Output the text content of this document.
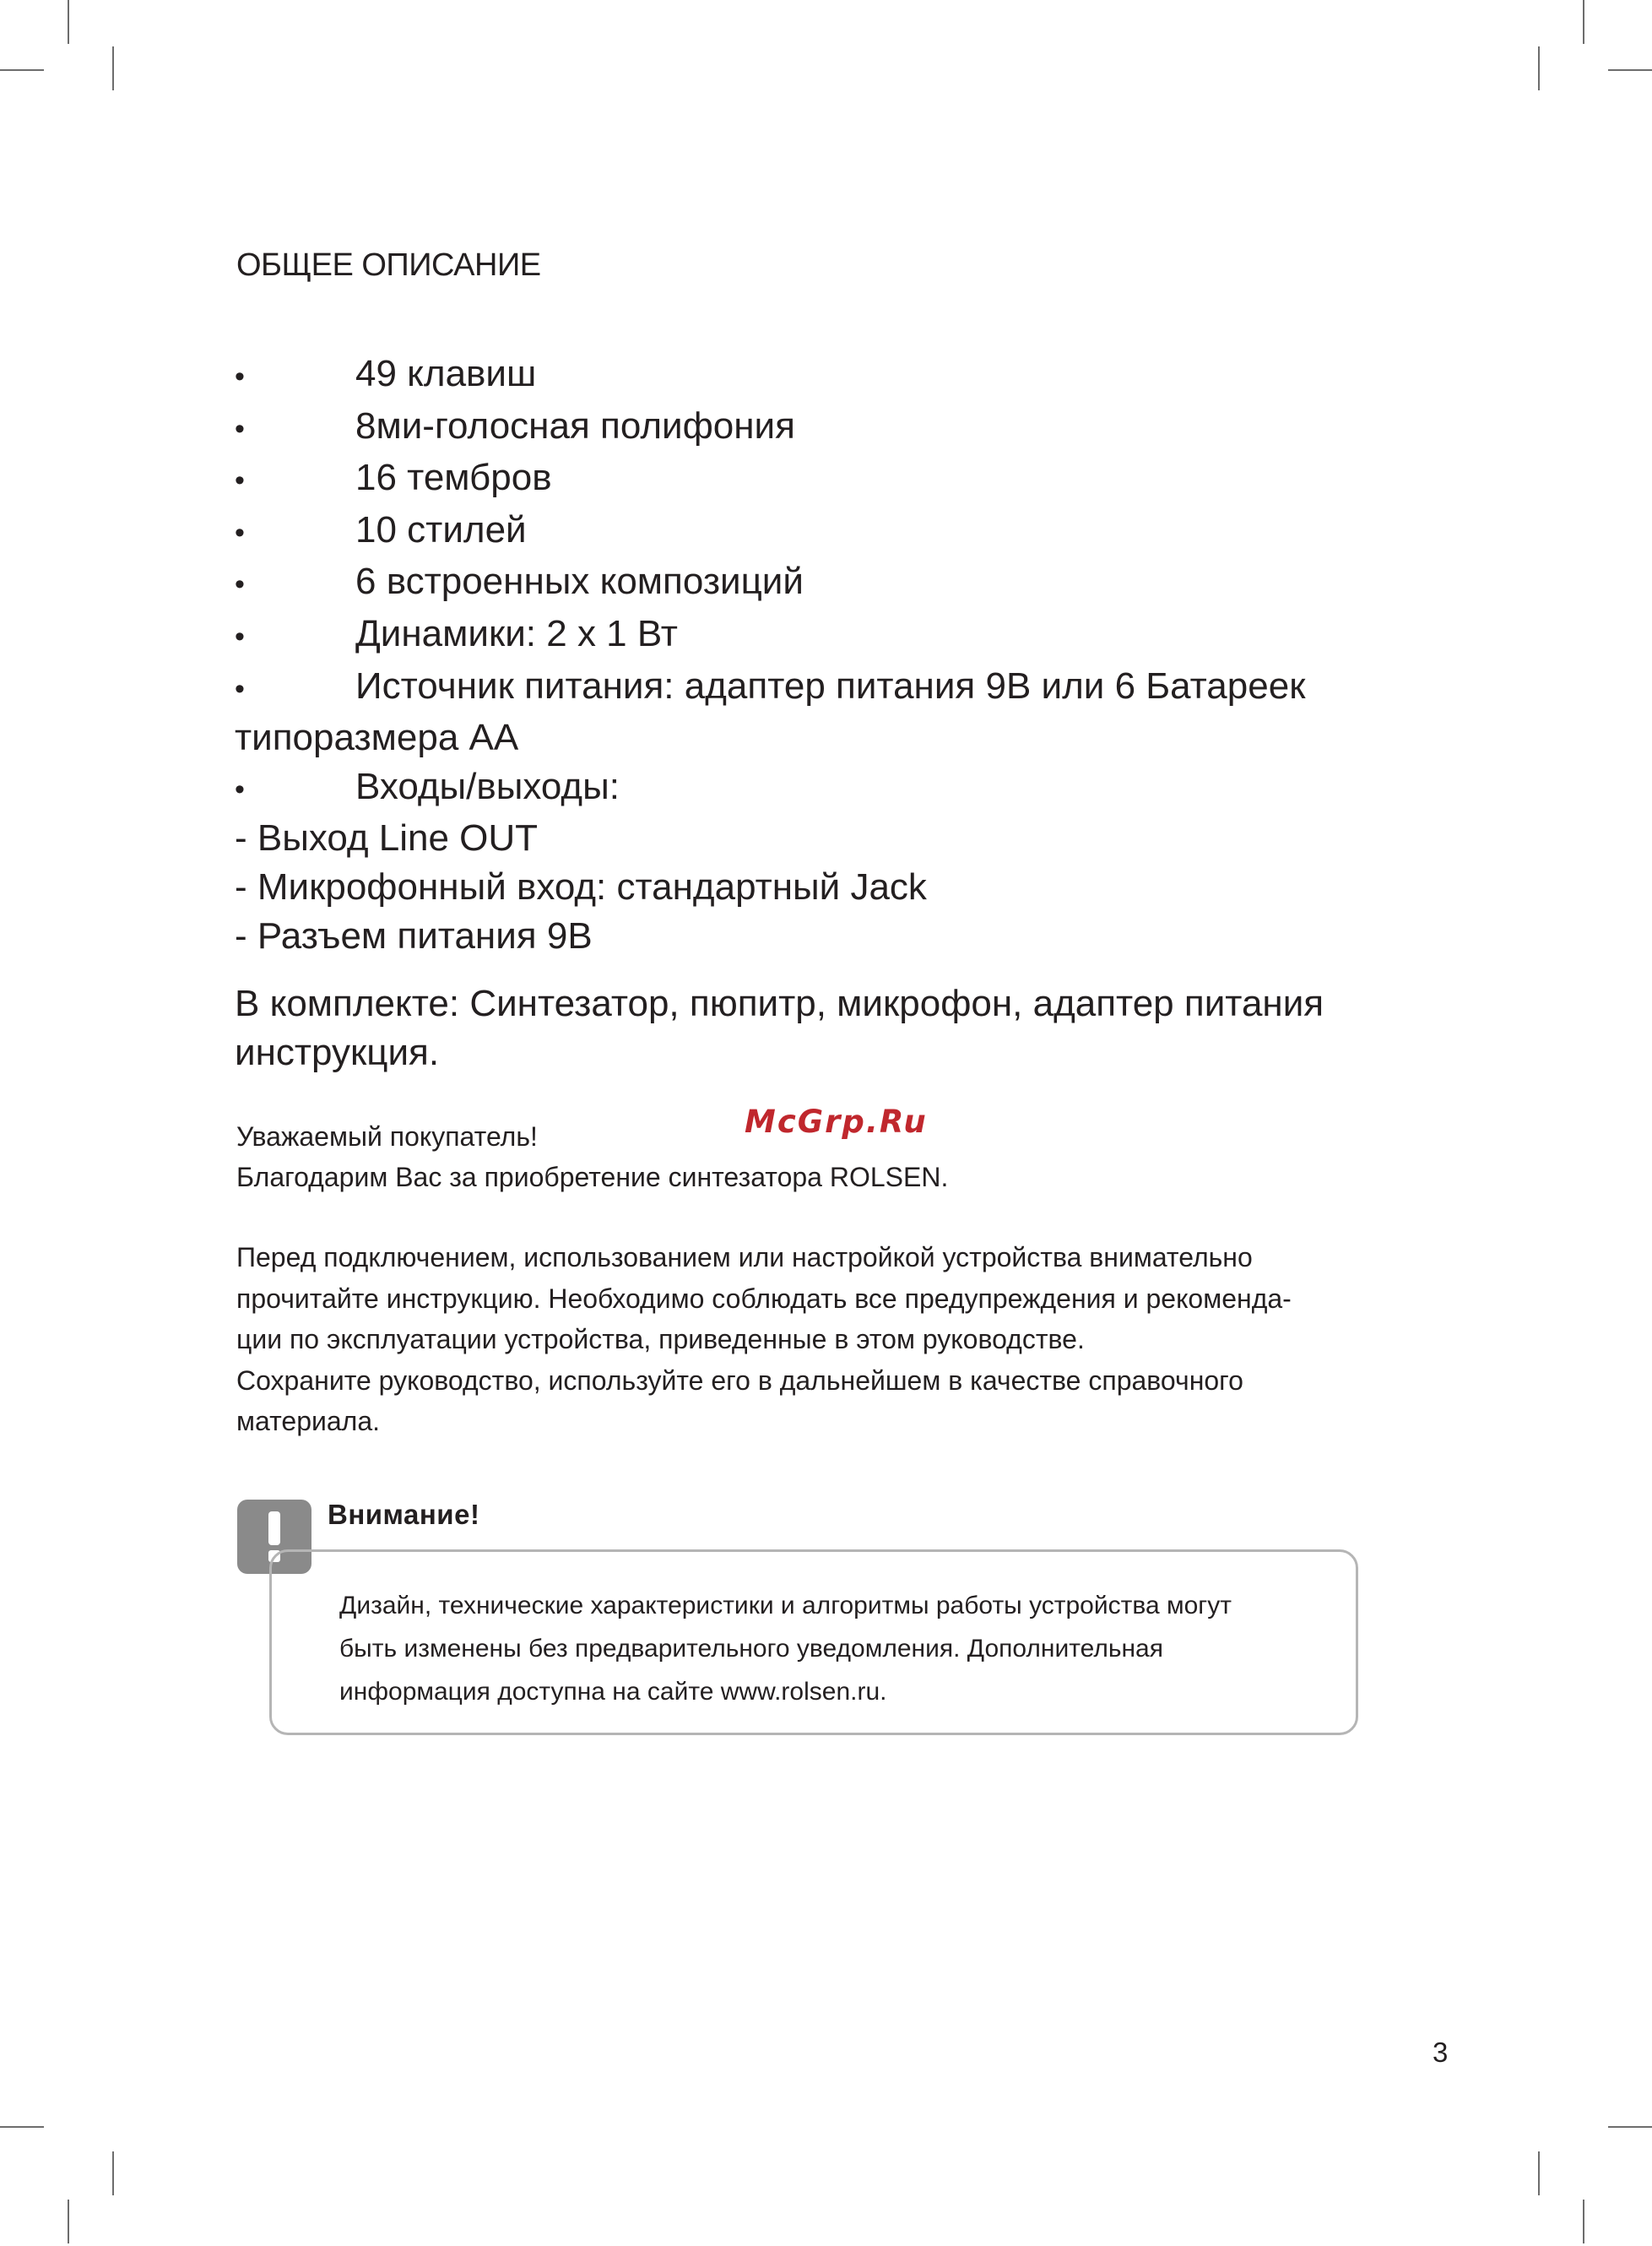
ОБЩЕЕ ОПИСАНИЕ
•	49 клавиш
•	8ми-голосная полифония
•	16 тембров
•	10 стилей
•	6 встроенных композиций
•	Динамики: 2 x 1 Вт
•	Источник питания: адаптер питания 9В или 6 Батареек
типоразмера АА
•	Входы/выходы:
- Выход Line OUT
- Микрофонный вход: стандартный Jack
- Разъем питания 9В
В комплекте: Синтезатор, пюпитр, микрофон, адаптер питания
инструкция.
McGrp.Ru
Уважаемый покупатель!
Благодарим Вас за приобретение синтезатора ROLSEN.
Перед подключением, использованием или настройкой устройства внимательно
прочитайте инструкцию. Необходимо соблюдать все предупреждения и рекоменда-
ции по эксплуатации устройства, приведенные в этом руководстве.
Сохраните руководство, используйте его в дальнейшем в качестве справочного
материала.
Внимание!
Дизайн, технические характеристики и алгоритмы работы устройства могут
быть изменены без предварительного уведомления. Дополнительная
информация доступна на сайте www.rolsen.ru.
3
